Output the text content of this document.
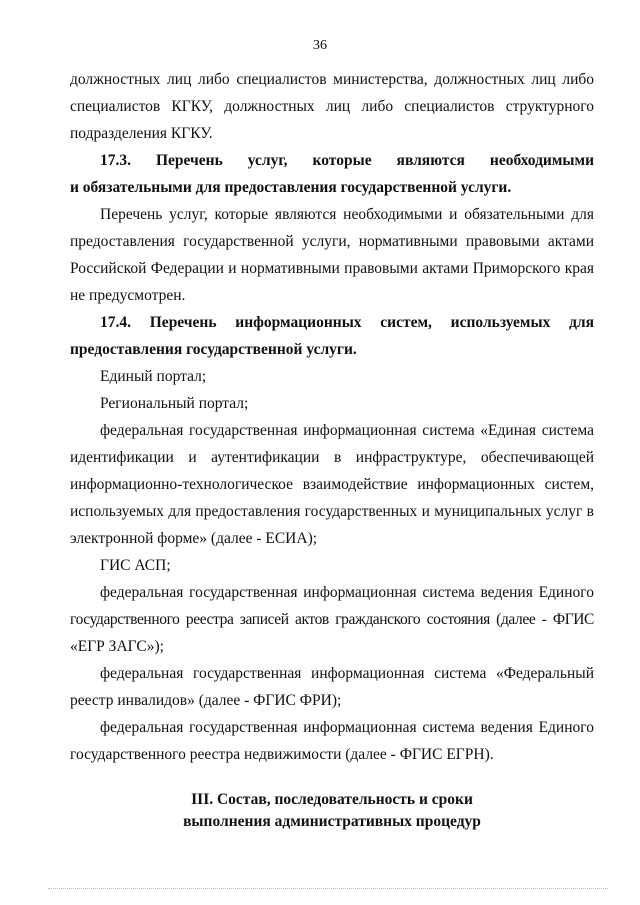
36
должностных лиц либо специалистов министерства, должностных лиц либо
специалистов КГКУ, должностных лиц либо специалистов структурного
подразделения КГКУ.
17.3. Перечень услуг, которые являются необходимыми
и обязательными для предоставления государственной услуги.
Перечень услуг, которые являются необходимыми и обязательными для
предоставления государственной услуги, нормативными правовыми актами
Российской Федерации и нормативными правовыми актами Приморского края
не предусмотрен.
17.4. Перечень информационных систем, используемых для
предоставления государственной услуги.
Единый портал;
Региональный портал;
федеральная государственная информационная система «Единая система
идентификации и аутентификации в инфраструктуре, обеспечивающей
информационно-технологическое взаимодействие информационных систем,
используемых для предоставления государственных и муниципальных услуг в
электронной форме» (далее - ЕСИА);
ГИС АСП;
федеральная государственная информационная система ведения Единого
государственного реестра записей актов гражданского состояния (далее - ФГИС
«ЕГР ЗАГС»);
федеральная государственная информационная система «Федеральный
реестр инвалидов» (далее - ФГИС ФРИ);
федеральная государственная информационная система ведения Единого
государственного реестра недвижимости (далее - ФГИС ЕГРН).
III. Состав, последовательность и сроки
выполнения административных процедур
